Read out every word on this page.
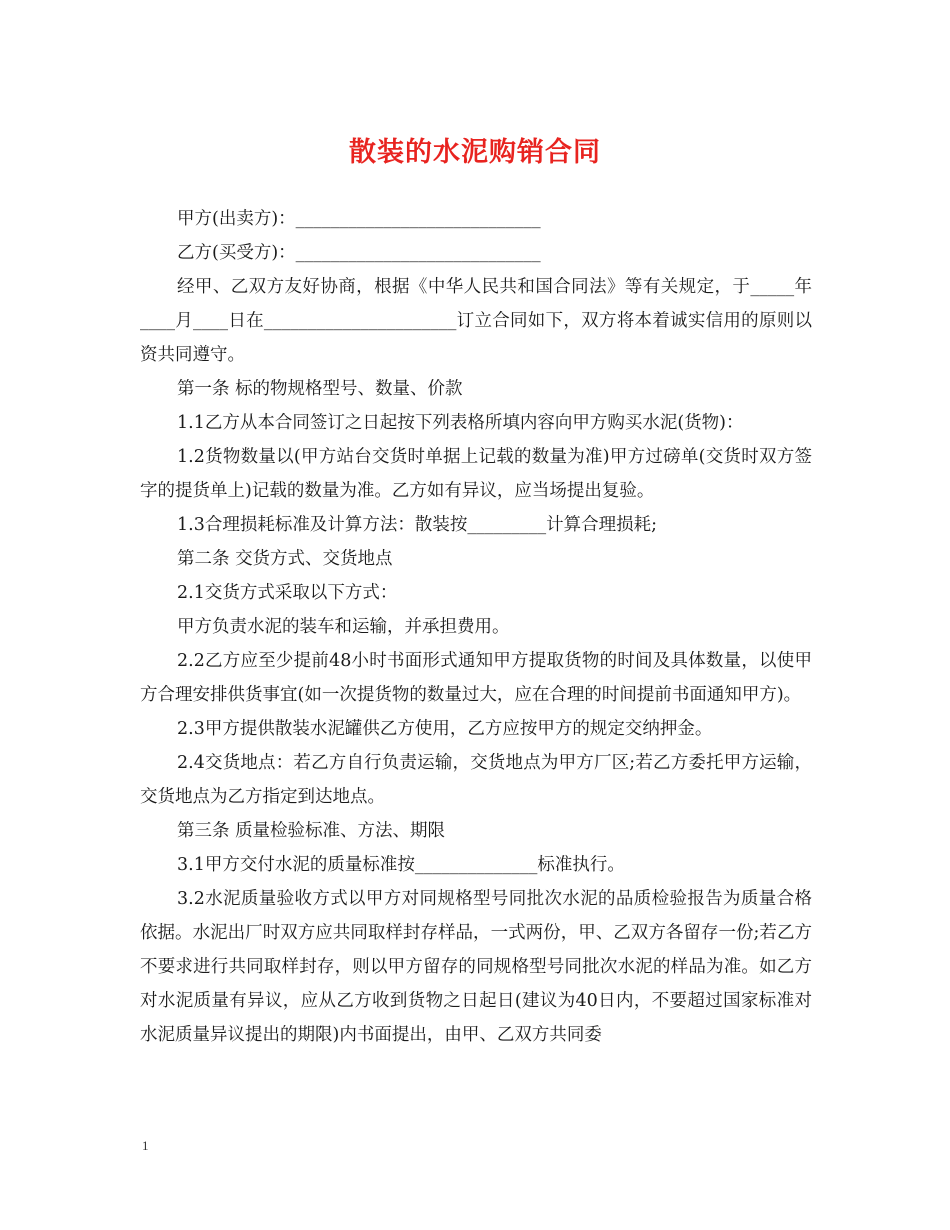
散装的水泥购销合同

甲方(出卖方)：____________________________

乙方(买受方)：____________________________

经甲、乙双方友好协商，根据《中华人民共和国合同法》等有关规定，于_____年____月____日在______________________订立合同如下，双方将本着诚实信用的原则以资共同遵守。

第一条 标的物规格型号、数量、价款

1.1乙方从本合同签订之日起按下列表格所填内容向甲方购买水泥(货物)：

1.2货物数量以(甲方站台交货时单据上记载的数量为准)甲方过磅单(交货时双方签字的提货单上)记载的数量为准。乙方如有异议，应当场提出复验。

1.3合理损耗标准及计算方法：散装按_________计算合理损耗;

第二条 交货方式、交货地点

2.1交货方式采取以下方式：

甲方负责水泥的装车和运输，并承担费用。

2.2乙方应至少提前48小时书面形式通知甲方提取货物的时间及具体数量，以使甲方合理安排供货事宜(如一次提货物的数量过大，应在合理的时间提前书面通知甲方)。

2.3甲方提供散装水泥罐供乙方使用，乙方应按甲方的规定交纳押金。

2.4交货地点：若乙方自行负责运输，交货地点为甲方厂区;若乙方委托甲方运输，交货地点为乙方指定到达地点。

第三条 质量检验标准、方法、期限

3.1甲方交付水泥的质量标准按______________标准执行。

3.2水泥质量验收方式以甲方对同规格型号同批次水泥的品质检验报告为质量合格依据。水泥出厂时双方应共同取样封存样品，一式两份，甲、乙双方各留存一份;若乙方不要求进行共同取样封存，则以甲方留存的同规格型号同批次水泥的样品为准。如乙方对水泥质量有异议，应从乙方收到货物之日起日(建议为40日内，不要超过国家标准对水泥质量异议提出的期限)内书面提出，由甲、乙双方共同委

1
